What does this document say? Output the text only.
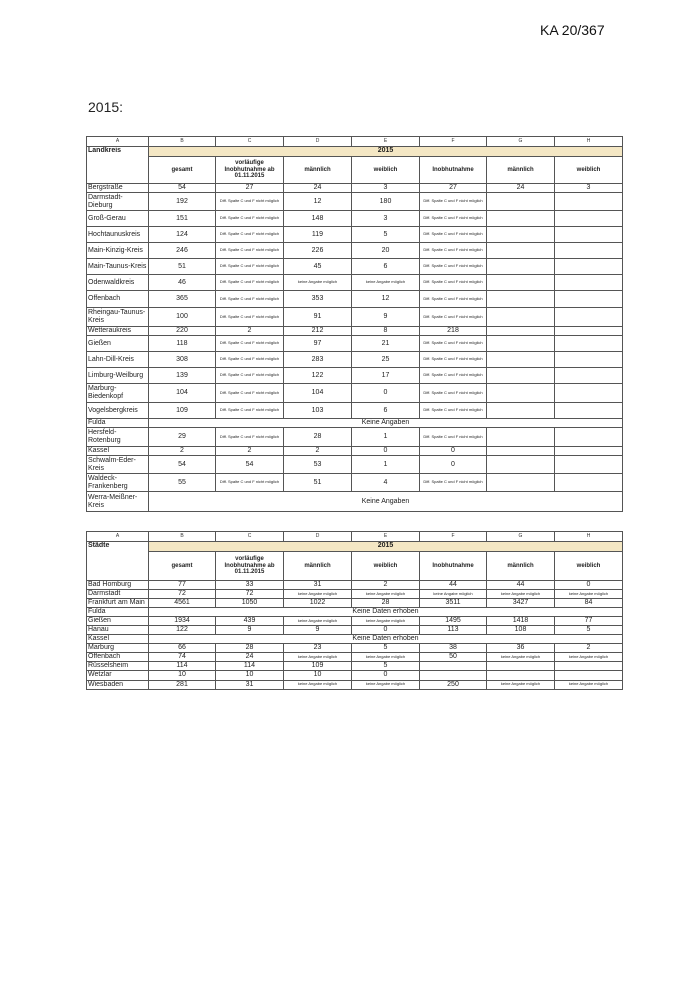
KA 20/367
2015:
A	B	C	D	E	F	G	H
Landkreis	2015						
	gesamt	vorläufige Inobhutnahme ab 01.11.2015	männlich	weiblich	Inobhutnahme	männlich	weiblich
Bergstraße	54	27	24	3	27	24	3
Darmstadt-Dieburg	192	Diff. Spalte C und F nicht möglich	12	180	Diff. Spalte C und F nicht möglich		
Groß-Gerau	151	Diff. Spalte C und F nicht möglich	148	3	Diff. Spalte C und F nicht möglich		
Hochtaunuskreis	124	Diff. Spalte C und F nicht möglich	119	5	Diff. Spalte C und F nicht möglich		
Main-Kinzig-Kreis	246	Diff. Spalte C und F nicht möglich	226	20	Diff. Spalte C und F nicht möglich		
Main-Taunus-Kreis	51	Diff. Spalte C und F nicht möglich	45	6	Diff. Spalte C und F nicht möglich		
Odenwaldkreis	46	Diff. Spalte C und F nicht möglich	keine Angabe möglich	keine Angabe möglich	Diff. Spalte C und F nicht möglich		
Offenbach	365	Diff. Spalte C und F nicht möglich	353	12	Diff. Spalte C und F nicht möglich		
Rheingau-Taunus-Kreis	100	Diff. Spalte C und F nicht möglich	91	9	Diff. Spalte C und F nicht möglich		
Wetteraukreis	220	2	212	8	218		
Gießen	118	Diff. Spalte C und F nicht möglich	97	21	Diff. Spalte C und F nicht möglich		
Lahn-Dill-Kreis	308	Diff. Spalte C und F nicht möglich	283	25	Diff. Spalte C und F nicht möglich		
Limburg-Weilburg	139	Diff. Spalte C und F nicht möglich	122	17	Diff. Spalte C und F nicht möglich		
Marburg-Biedenkopf	104	Diff. Spalte C und F nicht möglich	104	0	Diff. Spalte C und F nicht möglich		
Vogelsbergkreis	109	Diff. Spalte C und F nicht möglich	103	6	Diff. Spalte C und F nicht möglich		
Fulda	Keine Angaben						
Hersfeld-Rotenburg	29	Diff. Spalte C und F nicht möglich	28	1	Diff. Spalte C und F nicht möglich		
Kassel	2	2	2	0	0		
Schwalm-Eder-Kreis	54	54	53	1	0		
Waldeck-Frankenberg	55	Diff. Spalte C und F nicht möglich	51	4	Diff. Spalte C und F nicht möglich		
Werra-Meißner-Kreis	Keine Angaben						
A	B	C	D	E	F	G	H
Städte	2015						
	gesamt	vorläufige Inobhutnahme ab 01.11.2015	männlich	weiblich	Inobhutnahme	männlich	weiblich
Bad Homburg	77	33	31	2	44	44	0
Darmstadt	72	72	keine Angabe möglich	keine Angabe möglich	keine Angabe möglich	keine Angabe möglich	keine Angabe möglich
Frankfurt am Main	4561	1050	1022	28	3511	3427	84
Fulda	Keine Daten erhoben						
Gießen	1934	439	keine Angabe möglich	keine Angabe möglich	1495	1418	77
Hanau	122	9	9	0	113	108	5
Kassel	Keine Daten erhoben						
Marburg	66	28	23	5	38	36	2
Offenbach	74	24	keine Angabe möglich	keine Angabe möglich	50	keine Angabe möglich	keine Angabe möglich
Rüsselsheim	114	114	109	5			
Wetzlar	10	10	10	0			
Wiesbaden	281	31	keine Angabe möglich	keine Angabe möglich	250	keine Angabe möglich	keine Angabe möglich
